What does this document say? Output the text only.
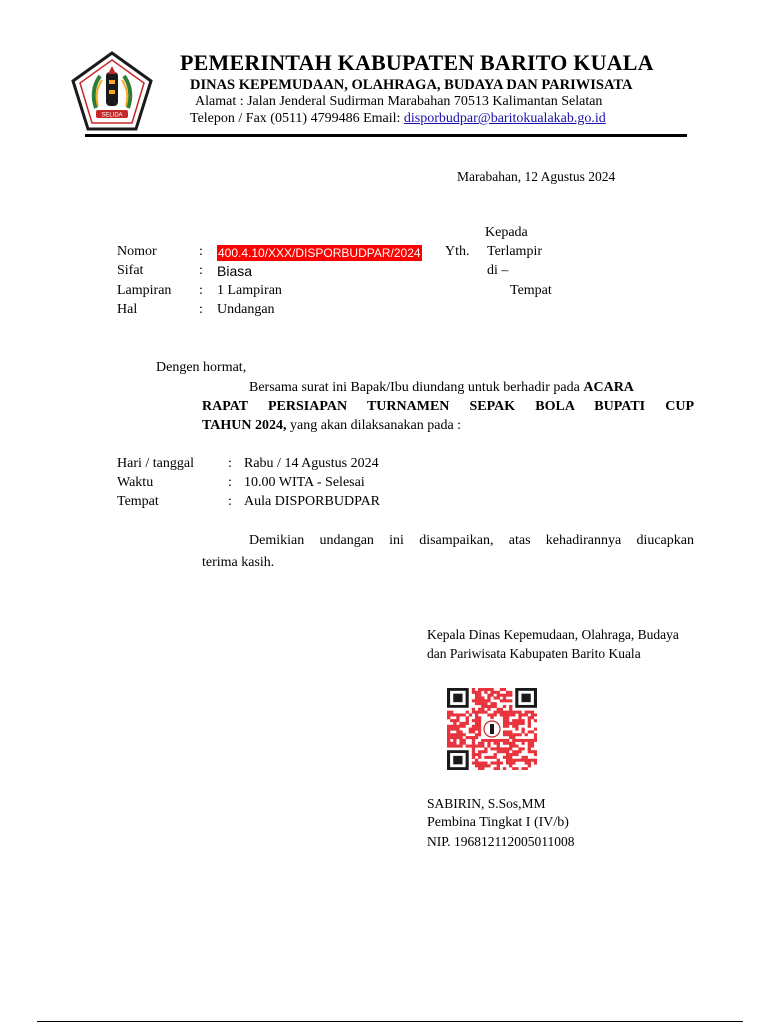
SELIDA
PEMERINTAH KABUPATEN BARITO KUALA
DINAS KEPEMUDAAN, OLAHRAGA, BUDAYA DAN PARIWISATA
Alamat : Jalan Jenderal Sudirman Marabahan 70513 Kalimantan Selatan
Telepon / Fax (0511) 4799486 Email: disporbudpar@baritokualakab.go.id
Marabahan, 12 Agustus 2024
Kepada
Yth. Terlampir
di –
Tempat
Nomor	: 400.4.10/XXX/DISPORBUDPAR/2024
Sifat	: Biasa
Lampiran : 1 Lampiran
Hal	: Undangan
Dengen hormat,
Bersama surat ini Bapak/Ibu diundang untuk berhadir pada ACARA
RAPAT PERSIAPAN TURNAMEN SEPAK BOLA BUPATI CUP
TAHUN 2024, yang akan dilaksanakan pada :
Hari / tanggal : Rabu / 14 Agustus 2024
Waktu	: 10.00 WITA - Selesai
Tempat	: Aula DISPORBUDPAR
Demikian undangan ini disampaikan, atas kehadirannya diucapkan
terima kasih.
Kepala Dinas Kepemudaan, Olahraga, Budaya
dan Pariwisata Kabupaten Barito Kuala
SABIRIN, S.Sos,MM
Pembina Tingkat I (IV/b)
NIP. 196812112005011008
